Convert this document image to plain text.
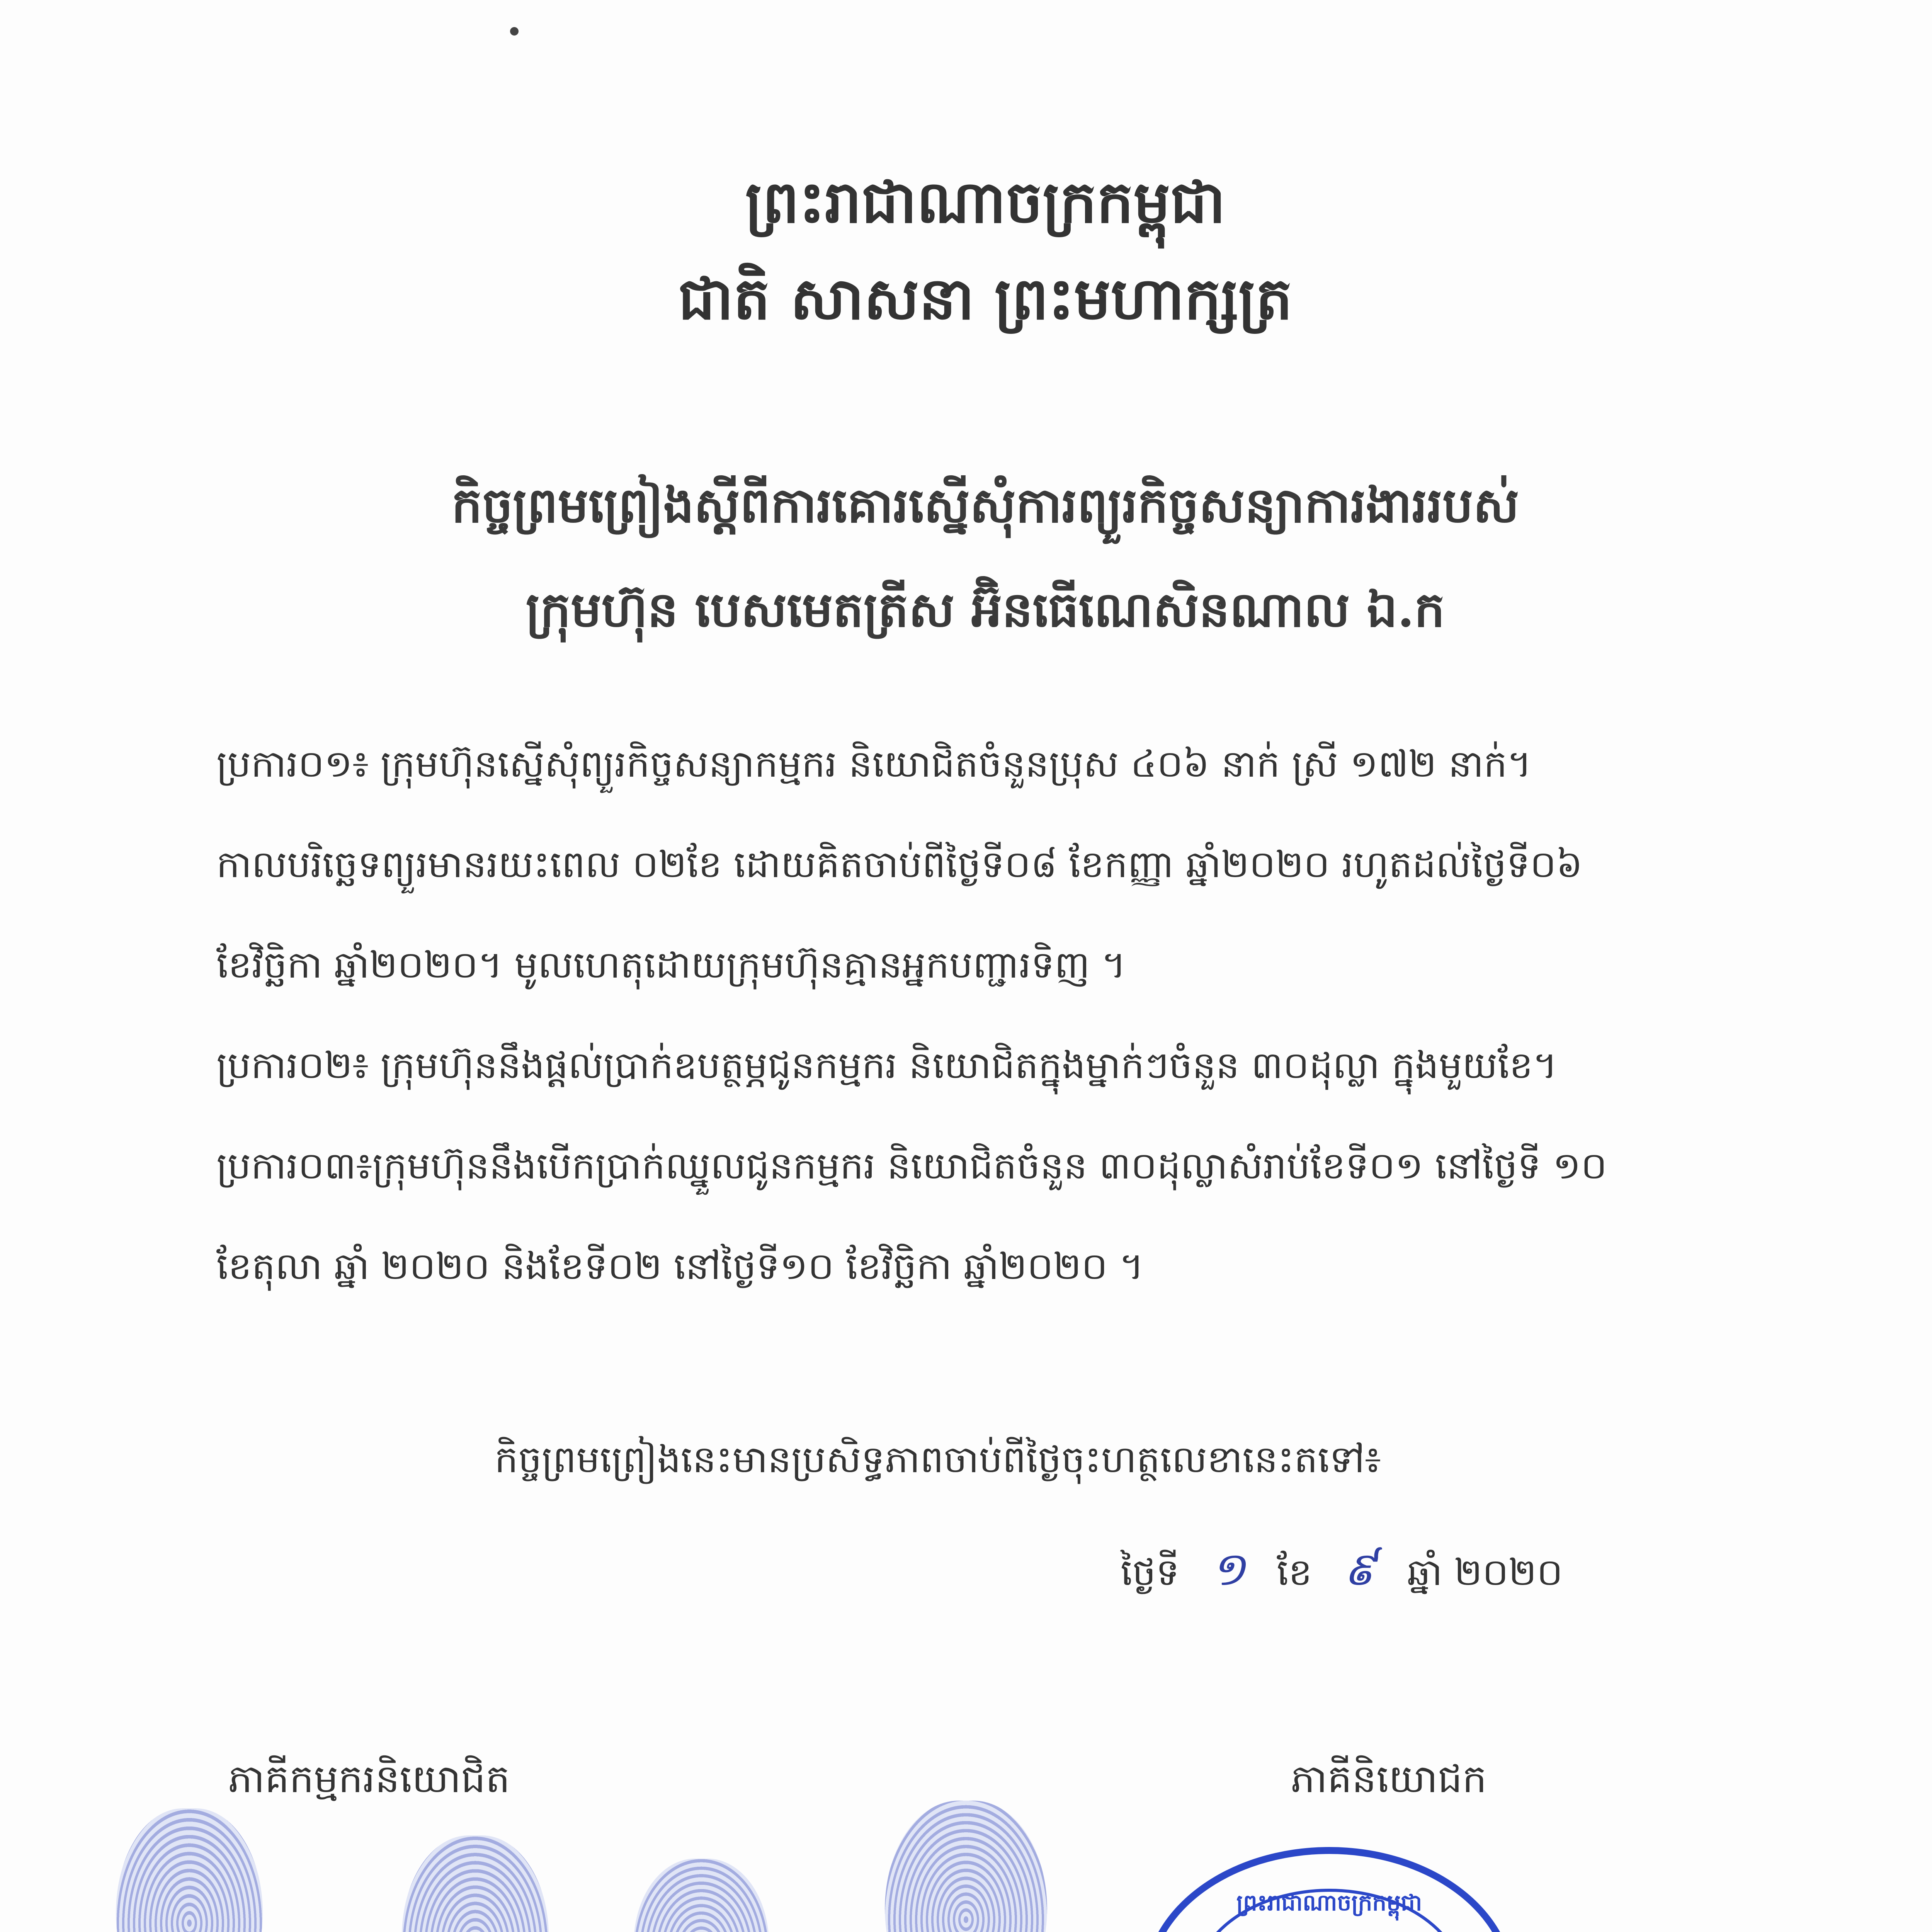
ព្រះរាជាណាចក្រកម្ពុជា
ជាតិ សាសនា ព្រះមហាក្សត្រ
កិច្ចព្រមព្រៀងស្តីពីការគោរស្នើសុំការព្យួរកិច្ចសន្យាការងាររបស់
ក្រុមហ៊ុន បេសមេតត្រីស អ៊ិនធើណេសិនណាល ឯ.ក
ប្រការ០១៖ ក្រុមហ៊ុនស្នើសុំព្យួរកិច្ចសន្យាកម្មករ និយោជិតចំនួនប្រុស ៤០៦ នាក់ ស្រី ១៧២ នាក់។
កាលបរិច្ឆេទព្យួរមានរយះពេល ០២ខែ ដោយគិតចាប់ពីថ្ងៃទី០៨ ខែកញ្ញា ឆ្នាំ២០២០ រហូតដល់ថ្ងៃទី០៦
ខែវិច្ឆិកា ឆ្នាំ២០២០។ មូលហេតុដោយក្រុមហ៊ុនគ្មានអ្នកបញ្ជារទិញ ។
ប្រការ០២៖ ក្រុមហ៊ុននឹងផ្តល់ប្រាក់ឧបត្ថម្ភជូនកម្មករ និយោជិតក្នុងម្នាក់ៗចំនួន ៣០ដុល្លា ក្នុងមួយខែ។
ប្រការ០៣៖ក្រុមហ៊ុននឹងបើកប្រាក់ឈ្នួលជូនកម្មករ និយោជិតចំនួន ៣០ដុល្លាសំរាប់ខែទី០១ នៅថ្ងៃទី ១០
ខែតុលា ឆ្នាំ ២០២០ និងខែទី០២ នៅថ្ងៃទី១០ ខែវិច្ឆិកា ឆ្នាំ២០២០ ។
កិច្ចព្រមព្រៀងនេះមានប្រសិទ្ធភាពចាប់ពីថ្ងៃចុះហត្ថលេខានេះតទៅ៖
ថ្ងៃទី ១ ខែ ៩ ឆ្នាំ ២០២០
ភាគីកម្មករនិយោជិត	ភាគីនិយោជក
ព្រះរាជាណាចក្រកម្ពុជា
